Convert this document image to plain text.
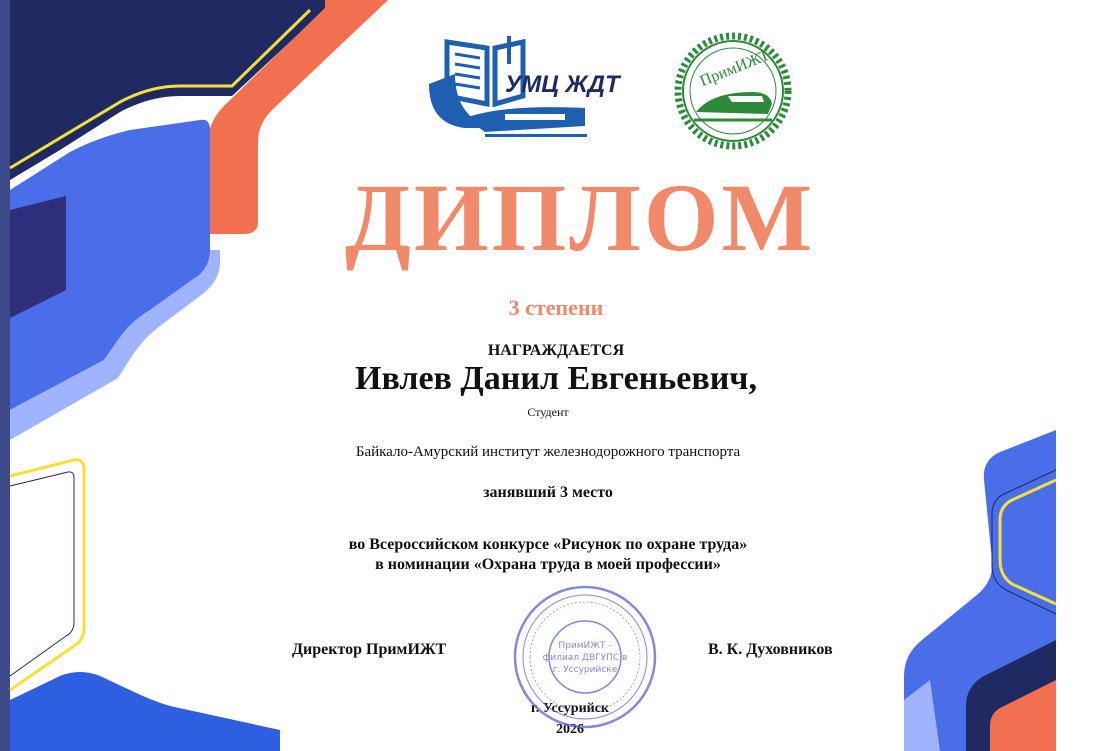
УМЦ ЖДТ	ПримИЖТ

ДИПЛОМ

3 степени

НАГРАЖДАЕТСЯ

Ивлев Данил Евгеньевич,

Студент

Байкало-Амурский институт железнодорожного транспорта

занявший 3 место

во Всероссийском конкурсе «Рисунок по охране труда»

в номинации «Охрана труда в моей профессии»

Директор ПримИЖТ	В. К. Духовников

г. Уссурийск

2026

ПримИЖТ -
филиал ДВГУПС в
г. Уссурийске
